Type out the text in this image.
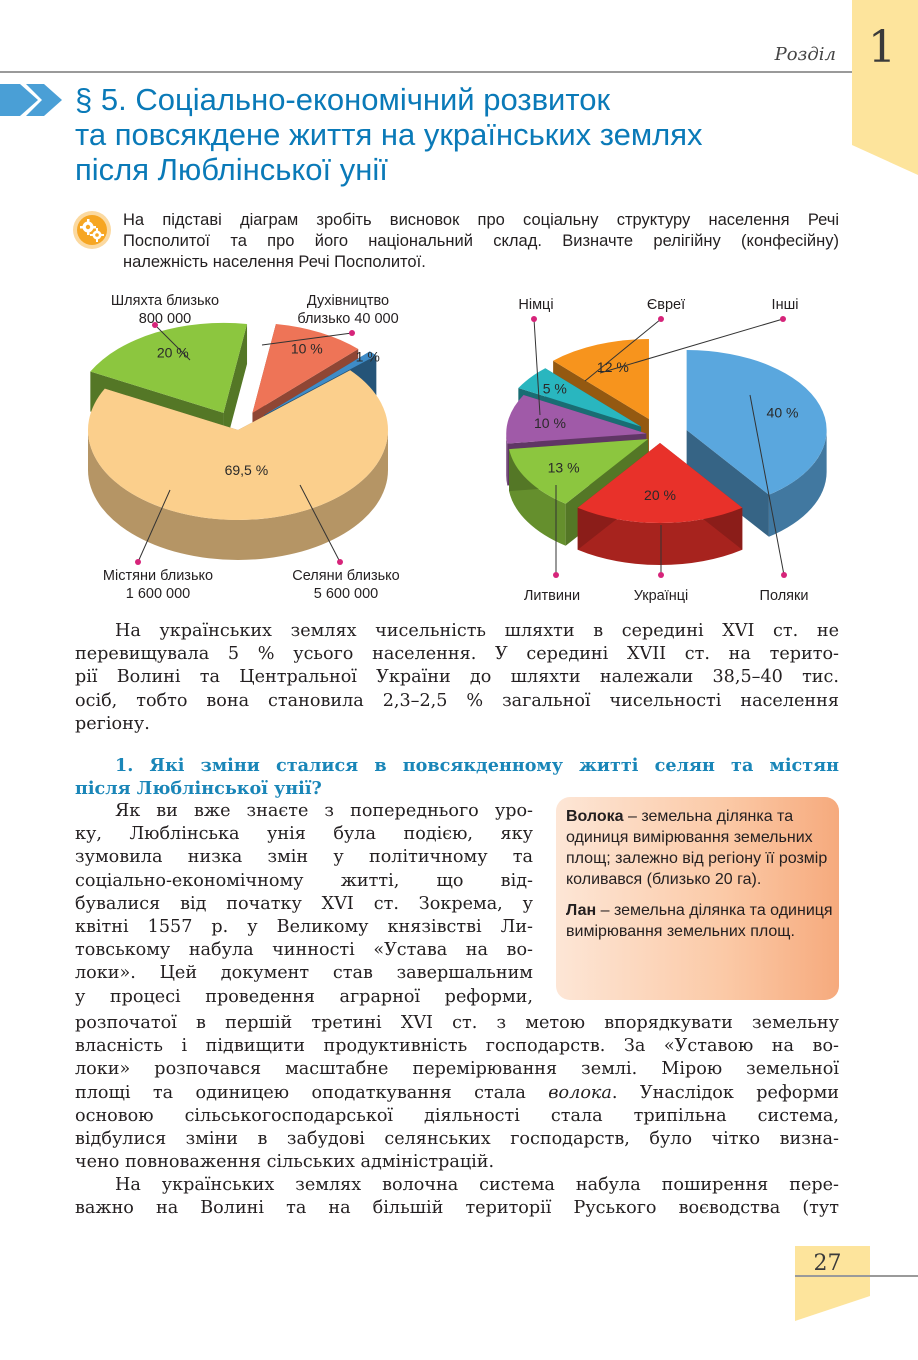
Розділ 1
§ 5. Соціально-економічний розвиток
та повсякдене життя на українських землях
після Люблінської унії
На підставі діаграм зробіть висновок про соціальну структуру населення Речі
Посполитої та про його національний склад. Визначте релігійну (конфесійну)
належність населення Речі Посполитої.
10 % 1 %
69,5 %
20 %
Шляхта близько
800 000
Духівництво
близько 40 000
Селяни близько
5 600 000
Містяни близько
1 600 000
40 %
20 %
13 %
10 %
5 %
12 %
Німці	Євреї	Інші
Литвини	Українці	Поляки
На українських землях чисельність шляхти в середині XVI ст. не
перевищувала 5 % усього населення. У середині XVII ст. на терито-
рії Волині та Центральної України до шляхти належали 38,5–40 тис.
осіб, тобто вона становила 2,3–2,5 % загальної чисельності населення
регіону.
1. Які зміни сталися в повсякденному житті селян та містян
після Люблінської унії?
Як ви вже знаєте з попереднього уро-
ку, Люблінська унія була подією, яку
зумовила низка змін у політичному та
соціально-економічному житті, що від-
бувалися від початку XVI ст. Зокрема, у
квітні 1557 р. у Великому князівстві Ли-
товському набула чинності «Устава на во-
локи». Цей документ став завершальним
у процесі проведення аграрної реформи,
Волока – земельна ділянка та одиниця вимірювання земельних площ; залежно від регіону її розмір коливався (близько 20 га).
Лан – земельна ділянка та одиниця вимірювання земельних площ.
розпочатої в першій третині XVI ст. з метою впорядкувати земельну
власність і підвищити продуктивність господарств. За «Уставою на во-
локи» розпочався масштабне перемірювання землі. Мірою земельної
площі та одиницею оподаткування стала волока. Унаслідок реформи
основою сільськогосподарської діяльності стала трипільна система,
відбулися зміни в забудові селянських господарств, було чітко визна-
чено повноваження сільських адміністрацій.
На українських землях волочна система набула поширення пере-
важно на Волині та на більшій території Руського воєводства (тут
27
